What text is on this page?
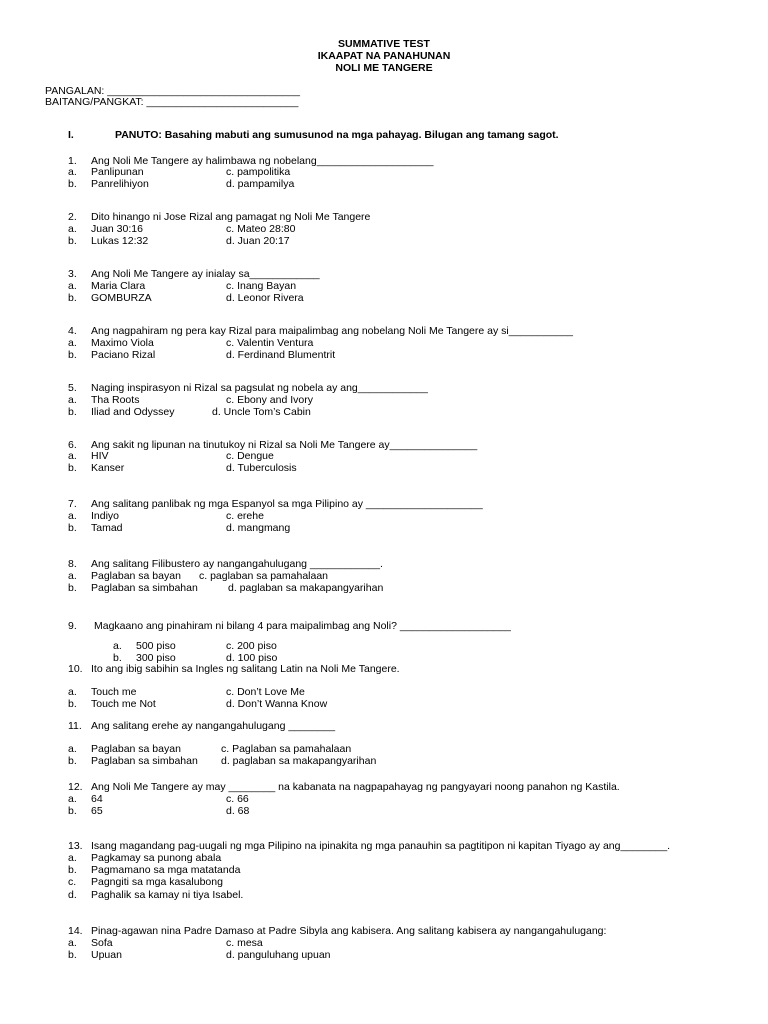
SUMMATIVE TEST
IKAAPAT NA PANAHUNAN
NOLI ME TANGERE
PANGALAN: _________________________________
BAITANG/PANGKAT: __________________________
I.	PANUTO: Basahing mabuti ang sumusunod na mga pahayag. Bilugan ang tamang sagot.
1. Ang Noli Me Tangere ay halimbawa ng nobelang____________________
a. Panlipunan	c. pampolitika
b. Panrelihiyon	d. pampamilya
2. Dito hinango ni Jose Rizal ang pamagat ng Noli Me Tangere
a. Juan 30:16	c. Mateo 28:80
b. Lukas 12:32	d. Juan 20:17
3. Ang Noli Me Tangere ay inialay sa____________
a. Maria Clara	c. Inang Bayan
b. GOMBURZA	d. Leonor Rivera
4. Ang nagpahiram ng pera kay Rizal para maipalimbag ang nobelang Noli Me Tangere ay si___________
a. Maximo Viola	c. Valentin Ventura
b. Paciano Rizal	d. Ferdinand Blumentrit
5. Naging inspirasyon ni Rizal sa pagsulat ng nobela ay ang____________
a. Tha Roots	c. Ebony and Ivory
b. Iliad and Odyssey	d. Uncle Tom’s Cabin
6. Ang sakit ng lipunan na tinutukoy ni Rizal sa Noli Me Tangere ay_______________
a. HIV	c. Dengue
b. Kanser	d. Tuberculosis
7. Ang salitang panlibak ng mga Espanyol sa mga Pilipino ay ____________________
a. Indiyo	c. erehe
b. Tamad	d. mangmang
8. Ang salitang Filibustero ay nangangahulugang ____________.
a. Paglaban sa bayan c. paglaban sa pamahalaan
b. Paglaban sa simbahan	d. paglaban sa makapangyarihan
9. Magkaano ang pinahiram ni bilang 4 para maipalimbag ang Noli? ___________________
a. 500 piso	c. 200 piso
b. 300 piso	d. 100 piso
10. Ito ang ibig sabihin sa Ingles ng salitang Latin na Noli Me Tangere.
a. Touch me	c. Don’t Love Me
b. Touch me Not	d. Don’t Wanna Know
11. Ang salitang erehe ay nangangahulugang ________
a. Paglaban sa bayan	c. Paglaban sa pamahalaan
b. Paglaban sa simbahan d. paglaban sa makapangyarihan
12. Ang Noli Me Tangere ay may ________ na kabanata na nagpapahayag ng pangyayari noong panahon ng Kastila.
a. 64	c. 66
b. 65	d. 68
13. Isang magandang pag-uugali ng mga Pilipino na ipinakita ng mga panauhin sa pagtitipon ni kapitan Tiyago ay ang________.
a. Pagkamay sa punong abala
b. Pagmamano sa mga matatanda
c. Pagngiti sa mga kasalubong
d. Paghalik sa kamay ni tiya Isabel.
14. Pinag-agawan nina Padre Damaso at Padre Sibyla ang kabisera. Ang salitang kabisera ay nangangahulugang:
a. Sofa	c. mesa
b. Upuan	d. panguluhang upuan
